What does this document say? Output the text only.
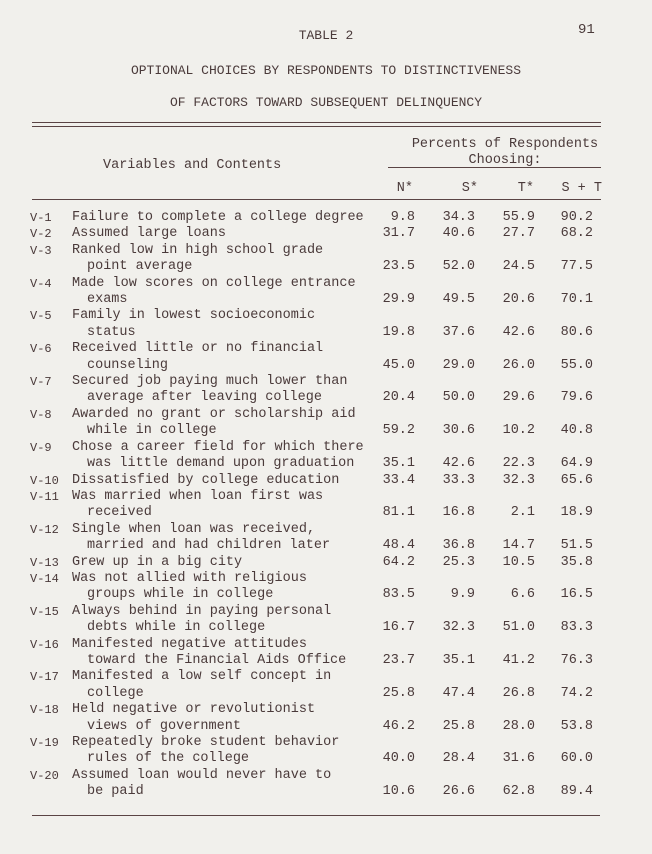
91
TABLE 2
OPTIONAL CHOICES BY RESPONDENTS TO DISTINCTIVENESS
OF FACTORS TOWARD SUBSEQUENT DELINQUENCY
Variables and Contents
Percents of Respondents
Choosing:
N*	S*	T*	S + T
V-1 Failure to complete a college degree	9.8	34.3	55.9	90.2
V-2 Assumed large loans	31.7	40.6	27.7	68.2
V-3 Ranked low in high school grade
point average	23.5	52.0	24.5	77.5
V-4 Made low scores on college entrance
exams	29.9	49.5	20.6	70.1
V-5 Family in lowest socioeconomic
status	19.8	37.6	42.6	80.6
V-6 Received little or no financial
counseling	45.0	29.0	26.0	55.0
V-7 Secured job paying much lower than
average after leaving college	20.4	50.0	29.6	79.6
V-8 Awarded no grant or scholarship aid
while in college	59.2	30.6	10.2	40.8
V-9 Chose a career field for which there
was little demand upon graduation	35.1	42.6	22.3	64.9
V-10 Dissatisfied by college education	33.4	33.3	32.3	65.6
V-11 Was married when loan first was
received	81.1	16.8	2.1	18.9
V-12 Single when loan was received,
married and had children later	48.4	36.8	14.7	51.5
V-13 Grew up in a big city	64.2	25.3	10.5	35.8
V-14 Was not allied with religious
groups while in college	83.5	9.9	6.6	16.5
V-15 Always behind in paying personal
debts while in college	16.7	32.3	51.0	83.3
V-16 Manifested negative attitudes
toward the Financial Aids Office	23.7	35.1	41.2	76.3
V-17 Manifested a low self concept in
college	25.8	47.4	26.8	74.2
V-18 Held negative or revolutionist
views of government	46.2	25.8	28.0	53.8
V-19 Repeatedly broke student behavior
rules of the college	40.0	28.4	31.6	60.0
V-20 Assumed loan would never have to
be paid	10.6	26.6	62.8	89.4
